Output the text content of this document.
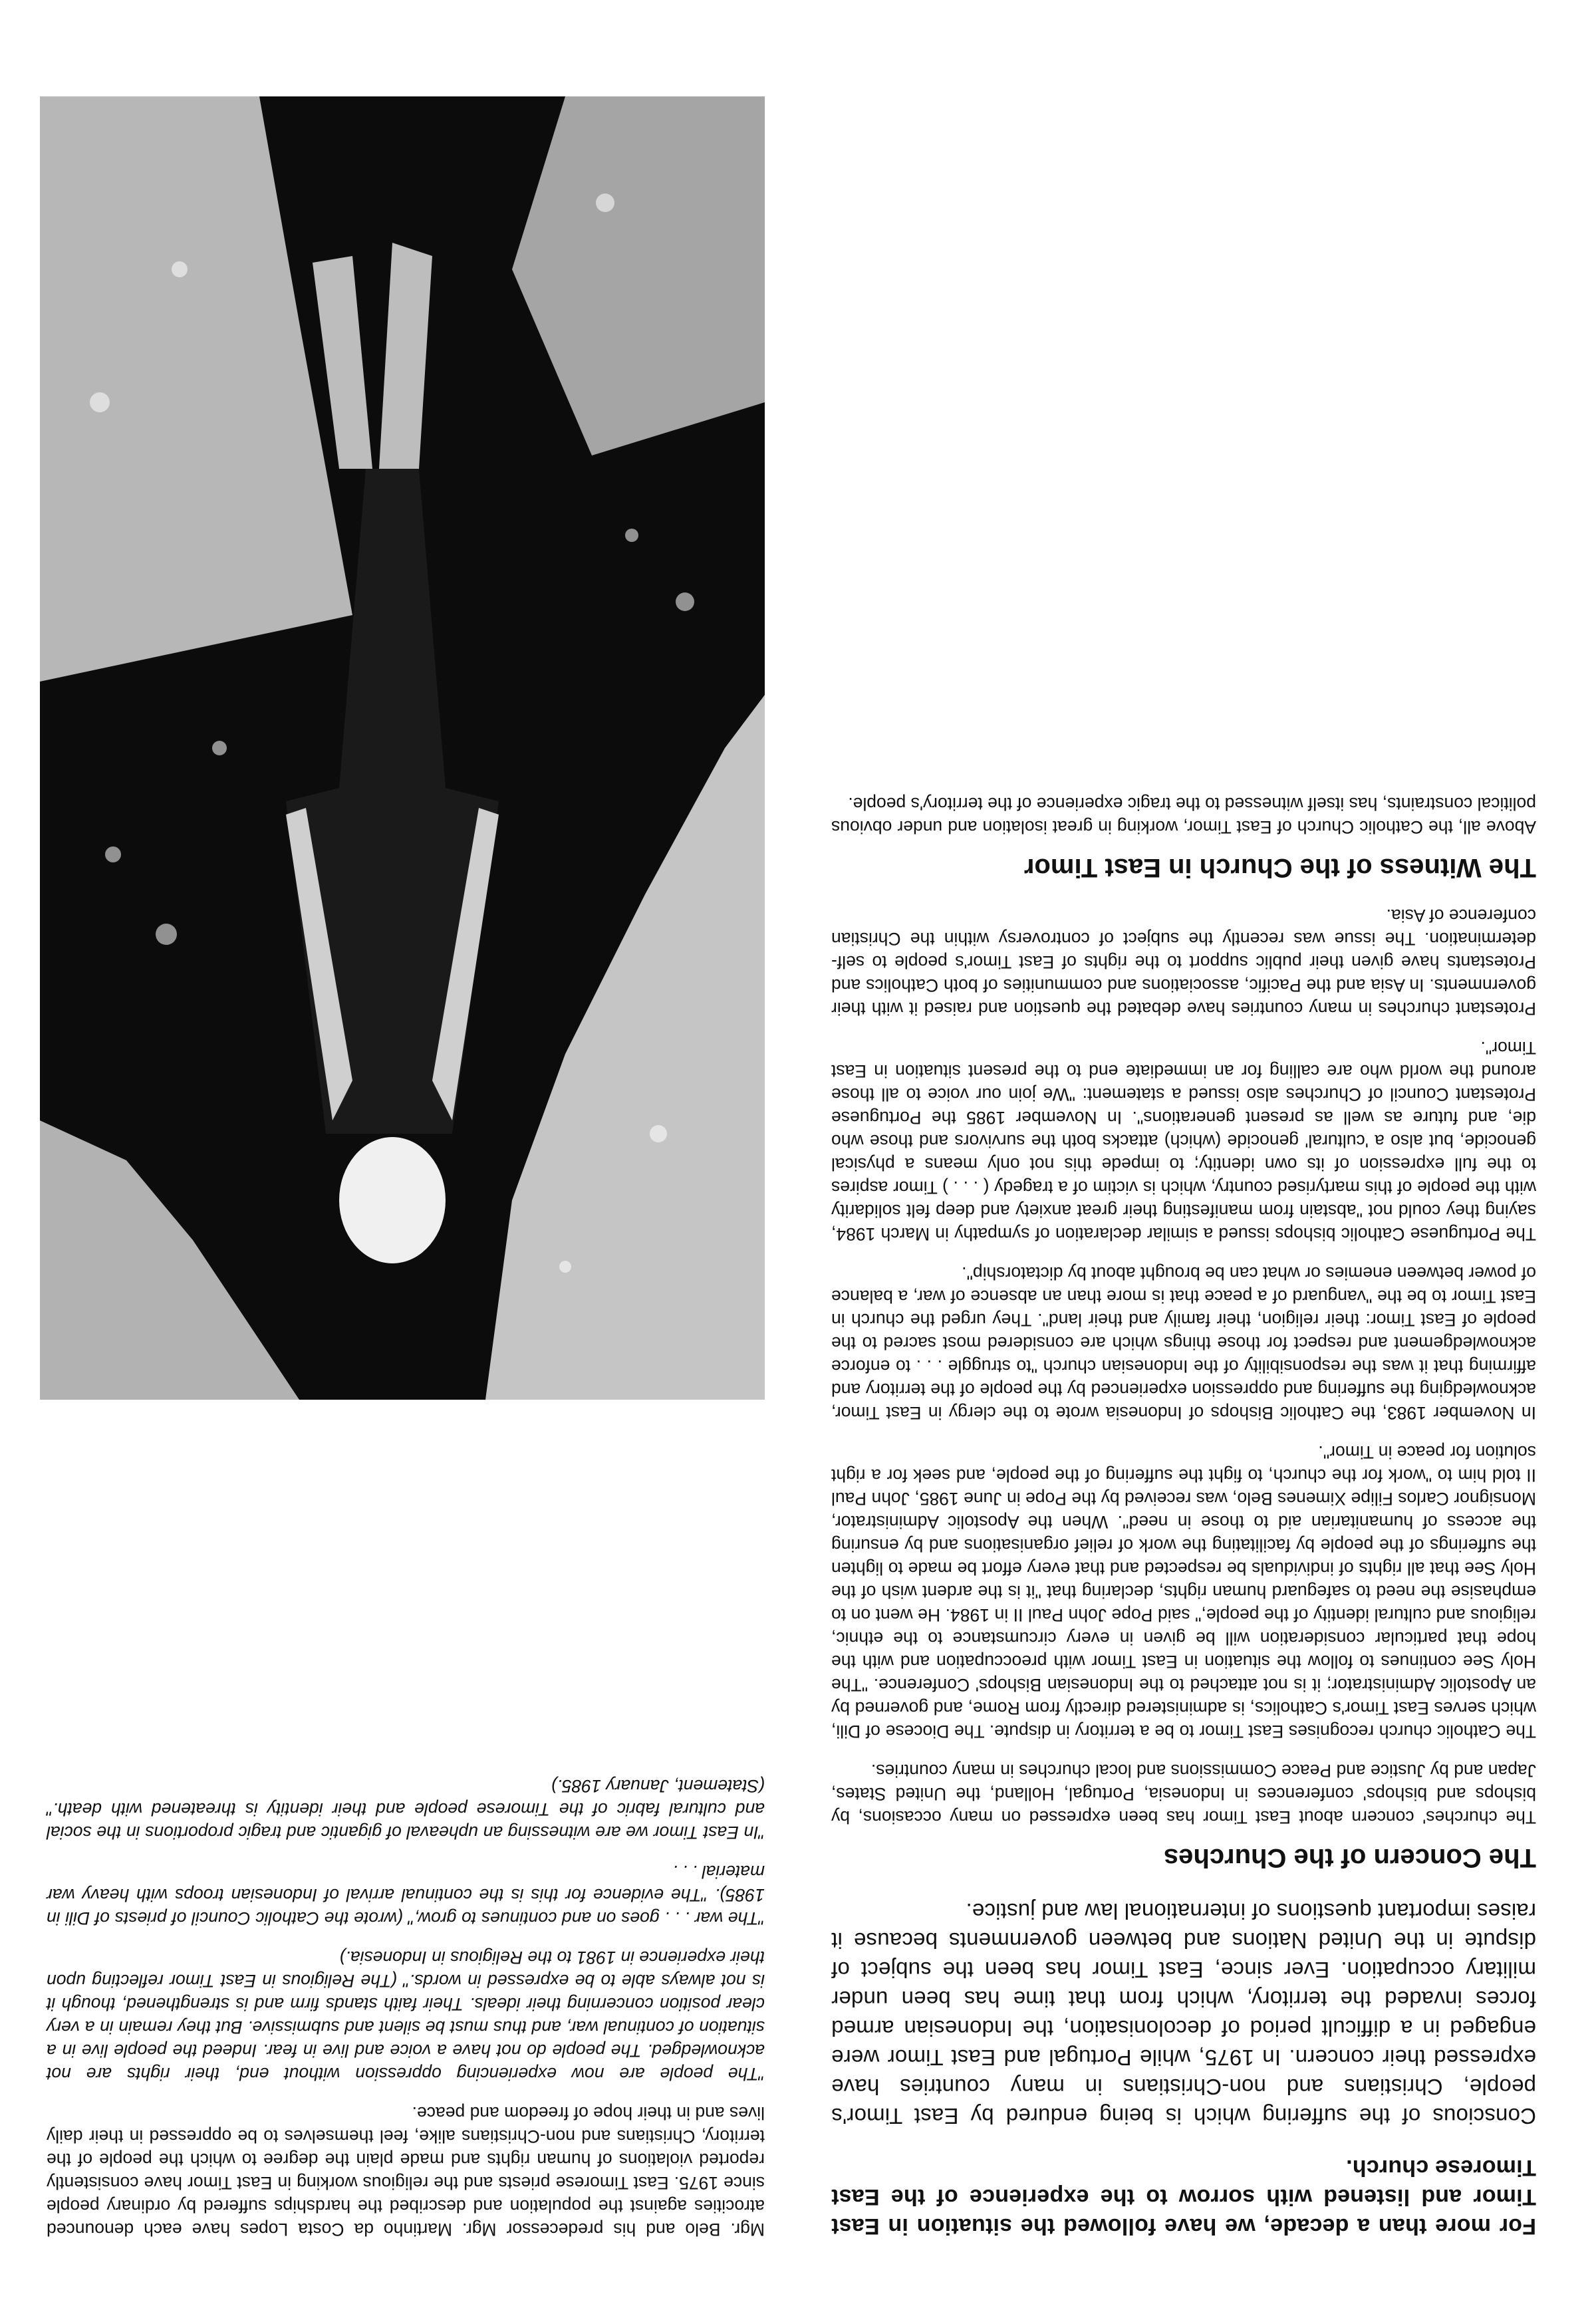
For more than a decade, we have followed the situation in East Timor and listened with sorrow to the experience of the East Timorese church.

Conscious of the suffering which is being endured by East Timor's people, Christians and non-Christians in many countries have expressed their concern. In 1975, while Portugal and East Timor were engaged in a difficult period of decolonisation, the Indonesian armed forces invaded the territory, which from that time has been under military occupation. Ever since, East Timor has been the subject of dispute in the United Nations and between governments because it raises important questions of international law and justice.

The Concern of the Churches

The churches' concern about East Timor has been expressed on many occasions, by bishops and bishops' conferences in Indonesia, Portugal, Holland, the United States, Japan and by Justice and Peace Commissions and local churches in many countries.

The Catholic church recognises East Timor to be a territory in dispute. The Diocese of Dili, which serves East Timor's Catholics, is administered directly from Rome, and governed by an Apostolic Administrator; it is not attached to the Indonesian Bishops' Conference. "The Holy See continues to follow the situation in East Timor with preoccupation and with the hope that particular consideration will be given in every circumstance to the ethnic, religious and cultural identity of the people," said Pope John Paul II in 1984. He went on to emphasise the need to safeguard human rights, declaring that "it is the ardent wish of the Holy See that all rights of individuals be respected and that every effort be made to lighten the sufferings of the people by facilitating the work of relief organisations and by ensuring the access of humanitarian aid to those in need". When the Apostolic Administrator, Monsignor Carlos Filipe Ximenes Belo, was received by the Pope in June 1985, John Paul II told him to "work for the church, to fight the suffering of the people, and seek for a right solution for peace in Timor".

In November 1983, the Catholic Bishops of Indonesia wrote to the clergy in East Timor, acknowledging the suffering and oppression experienced by the people of the territory and affirming that it was the responsibility of the Indonesian church "to struggle . . . to enforce acknowledgement and respect for those things which are considered most sacred to the people of East Timor: their religion, their family and their land". They urged the church in East Timor to be the "vanguard of a peace that is more than an absence of war, a balance of power between enemies or what can be brought about by dictatorship".

The Portuguese Catholic bishops issued a similar declaration of sympathy in March 1984, saying they could not "abstain from manifesting their great anxiety and deep felt solidarity with the people of this martyrised country, which is victim of a tragedy ( . . . ) Timor aspires to the full expression of its own identity; to impede this not only means a physical genocide, but also a 'cultural' genocide (which) attacks both the survivors and those who die, and future as well as present generations". In November 1985 the Portuguese Protestant Council of Churches also issued a statement: "We join our voice to all those around the world who are calling for an immediate end to the present situation in East Timor".

Protestant churches in many countries have debated the question and raised it with their governments. In Asia and the Pacific, associations and communities of both Catholics and Protestants have given their public support to the rights of East Timor's people to self-determination. The issue was recently the subject of controversy within the Christian conference of Asia.

The Witness of the Church in East Timor

Above all, the Catholic Church of East Timor, working in great isolation and under obvious political constraints, has itself witnessed to the tragic experience of the territory's people.

Mgr. Belo and his predecessor Mgr. Martinho da Costa Lopes have each denounced atrocities against the population and described the hardships suffered by ordinary people since 1975. East Timorese priests and the religious working in East Timor have consistently reported violations of human rights and made plain the degree to which the people of the territory, Christians and non-Christians alike, feel themselves to be oppressed in their daily lives and in their hope of freedom and peace.

"The people are now experiencing oppression without end, their rights are not acknowledged. The people do not have a voice and live in fear. Indeed the people live in a situation of continual war, and thus must be silent and submissive. But they remain in a very clear position concerning their ideals. Their faith stands firm and is strengthened, though it is not always able to be expressed in words." (The Religious in East Timor reflecting upon their experience in 1981 to the Religious in Indonesia.)

"The war . . . goes on and continues to grow," (wrote the Catholic Council of priests of Dili in 1985). "The evidence for this is the continual arrival of Indonesian troops with heavy war material . . .

"In East Timor we are witnessing an upheaval of gigantic and tragic proportions in the social and cultural fabric of the Timorese people and their identity is threatened with death." (Statement, January 1985.)
